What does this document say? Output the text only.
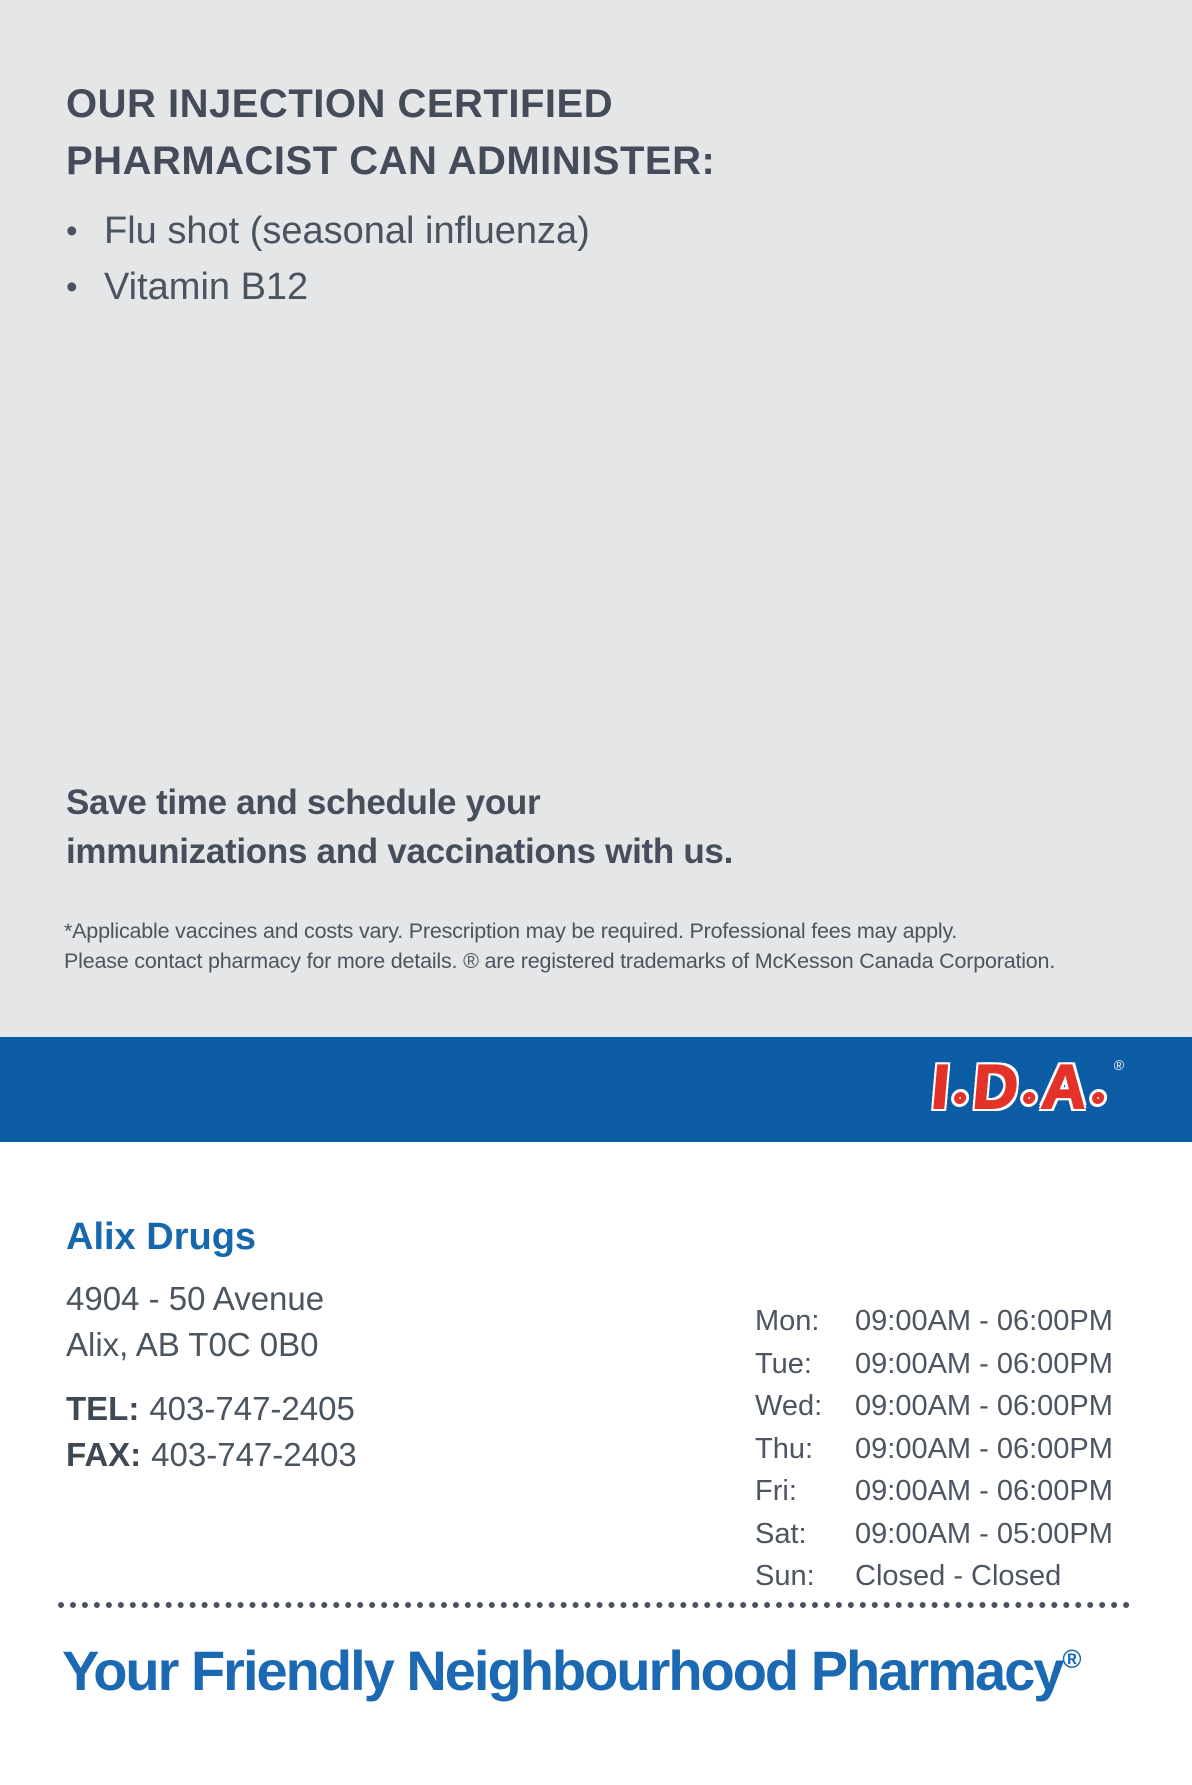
OUR INJECTION CERTIFIED
PHARMACIST CAN ADMINISTER:
• Flu shot (seasonal influenza)
• Vitamin B12
Save time and schedule your
immunizations and vaccinations with us.
*Applicable vaccines and costs vary. Prescription may be required. Professional fees may apply.
Please contact pharmacy for more details. ® are registered trademarks of McKesson Canada Corporation.
I D A ®
Alix Drugs
4904 - 50 Avenue
Alix, AB T0C 0B0
TEL: 403-747-2405
FAX: 403-747-2403
Mon: 09:00AM - 06:00PM
Tue: 09:00AM - 06:00PM
Wed: 09:00AM - 06:00PM
Thu: 09:00AM - 06:00PM
Fri: 09:00AM - 06:00PM
Sat: 09:00AM - 05:00PM
Sun: Closed - Closed
Your Friendly Neighbourhood Pharmacy®
